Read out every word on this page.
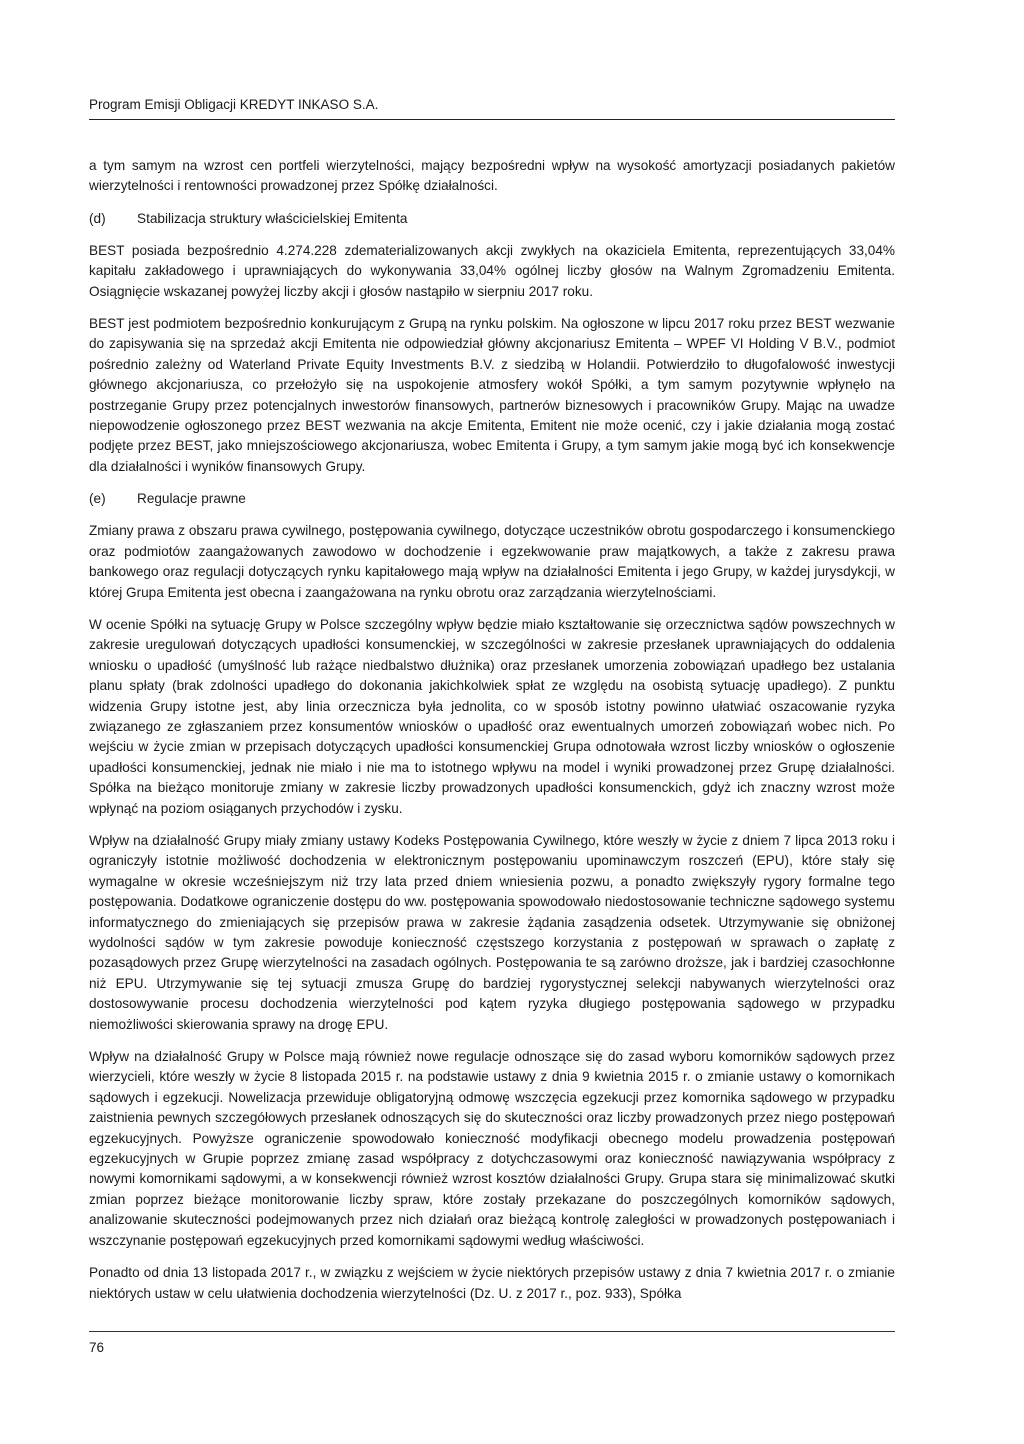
Program Emisji Obligacji KREDYT INKASO S.A.
a tym samym na wzrost cen portfeli wierzytelności, mający bezpośredni wpływ na wysokość amortyzacji posiadanych pakietów wierzytelności i rentowności prowadzonej przez Spółkę działalności.
(d)	Stabilizacja struktury właścicielskiej Emitenta
BEST posiada bezpośrednio 4.274.228 zdematerializowanych akcji zwykłych na okaziciela Emitenta, reprezentujących 33,04% kapitału zakładowego i uprawniających do wykonywania 33,04% ogólnej liczby głosów na Walnym Zgromadzeniu Emitenta. Osiągnięcie wskazanej powyżej liczby akcji i głosów nastąpiło w sierpniu 2017 roku.
BEST jest podmiotem bezpośrednio konkurującym z Grupą na rynku polskim. Na ogłoszone w lipcu 2017 roku przez BEST wezwanie do zapisywania się na sprzedaż akcji Emitenta nie odpowiedział główny akcjonariusz Emitenta – WPEF VI Holding V B.V., podmiot pośrednio zależny od Waterland Private Equity Investments B.V. z siedzibą w Holandii. Potwierdziło to długofalowość inwestycji głównego akcjonariusza, co przełożyło się na uspokojenie atmosfery wokół Spółki, a tym samym pozytywnie wpłynęło na postrzeganie Grupy przez potencjalnych inwestorów finansowych, partnerów biznesowych i pracowników Grupy. Mając na uwadze niepowodzenie ogłoszonego przez BEST wezwania na akcje Emitenta, Emitent nie może ocenić, czy i jakie działania mogą zostać podjęte przez BEST, jako mniejszościowego akcjonariusza, wobec Emitenta i Grupy, a tym samym jakie mogą być ich konsekwencje dla działalności i wyników finansowych Grupy.
(e)	Regulacje prawne
Zmiany prawa z obszaru prawa cywilnego, postępowania cywilnego, dotyczące uczestników obrotu gospodarczego i konsumenckiego oraz podmiotów zaangażowanych zawodowo w dochodzenie i egzekwowanie praw majątkowych, a także z zakresu prawa bankowego oraz regulacji dotyczących rynku kapitałowego mają wpływ na działalności Emitenta i jego Grupy, w każdej jurysdykcji, w której Grupa Emitenta jest obecna i zaangażowana na rynku obrotu oraz zarządzania wierzytelnościami.
W ocenie Spółki na sytuację Grupy w Polsce szczególny wpływ będzie miało kształtowanie się orzecznictwa sądów powszechnych w zakresie uregulowań dotyczących upadłości konsumenckiej, w szczególności w zakresie przesłanek uprawniających do oddalenia wniosku o upadłość (umyślność lub rażące niedbalstwo dłużnika) oraz przesłanek umorzenia zobowiązań upadłego bez ustalania planu spłaty (brak zdolności upadłego do dokonania jakichkolwiek spłat ze względu na osobistą sytuację upadłego). Z punktu widzenia Grupy istotne jest, aby linia orzecznicza była jednolita, co w sposób istotny powinno ułatwiać oszacowanie ryzyka związanego ze zgłaszaniem przez konsumentów wniosków o upadłość oraz ewentualnych umorzeń zobowiązań wobec nich. Po wejściu w życie zmian w przepisach dotyczących upadłości konsumenckiej Grupa odnotowała wzrost liczby wniosków o ogłoszenie upadłości konsumenckiej, jednak nie miało i nie ma to istotnego wpływu na model i wyniki prowadzonej przez Grupę działalności. Spółka na bieżąco monitoruje zmiany w zakresie liczby prowadzonych upadłości konsumenckich, gdyż ich znaczny wzrost może wpłynąć na poziom osiąganych przychodów i zysku.
Wpływ na działalność Grupy miały zmiany ustawy Kodeks Postępowania Cywilnego, które weszły w życie z dniem 7 lipca 2013 roku i ograniczyły istotnie możliwość dochodzenia w elektronicznym postępowaniu upominawczym roszczeń (EPU), które stały się wymagalne w okresie wcześniejszym niż trzy lata przed dniem wniesienia pozwu, a ponadto zwiększyły rygory formalne tego postępowania. Dodatkowe ograniczenie dostępu do ww. postępowania spowodowało niedostosowanie techniczne sądowego systemu informatycznego do zmieniających się przepisów prawa w zakresie żądania zasądzenia odsetek. Utrzymywanie się obniżonej wydolności sądów w tym zakresie powoduje konieczność częstszego korzystania z postępowań w sprawach o zapłatę z pozasądowych przez Grupę wierzytelności na zasadach ogólnych. Postępowania te są zarówno droższe, jak i bardziej czasochłonne niż EPU. Utrzymywanie się tej sytuacji zmusza Grupę do bardziej rygorystycznej selekcji nabywanych wierzytelności oraz dostosowywanie procesu dochodzenia wierzytelności pod kątem ryzyka długiego postępowania sądowego w przypadku niemożliwości skierowania sprawy na drogę EPU.
Wpływ na działalność Grupy w Polsce mają również nowe regulacje odnoszące się do zasad wyboru komorników sądowych przez wierzycieli, które weszły w życie 8 listopada 2015 r. na podstawie ustawy z dnia 9 kwietnia 2015 r. o zmianie ustawy o komornikach sądowych i egzekucji. Nowelizacja przewiduje obligatoryjną odmowę wszczęcia egzekucji przez komornika sądowego w przypadku zaistnienia pewnych szczegółowych przesłanek odnoszących się do skuteczności oraz liczby prowadzonych przez niego postępowań egzekucyjnych. Powyższe ograniczenie spowodowało konieczność modyfikacji obecnego modelu prowadzenia postępowań egzekucyjnych w Grupie poprzez zmianę zasad współpracy z dotychczasowymi oraz konieczność nawiązywania współpracy z nowymi komornikami sądowymi, a w konsekwencji również wzrost kosztów działalności Grupy. Grupa stara się minimalizować skutki zmian poprzez bieżące monitorowanie liczby spraw, które zostały przekazane do poszczególnych komorników sądowych, analizowanie skuteczności podejmowanych przez nich działań oraz bieżącą kontrolę zaległości w prowadzonych postępowaniach i wszczynanie postępowań egzekucyjnych przed komornikami sądowymi według właściwości.
Ponadto od dnia 13 listopada 2017 r., w związku z wejściem w życie niektórych przepisów ustawy z dnia 7 kwietnia 2017 r. o zmianie niektórych ustaw w celu ułatwienia dochodzenia wierzytelności (Dz. U. z 2017 r., poz. 933), Spółka
76
